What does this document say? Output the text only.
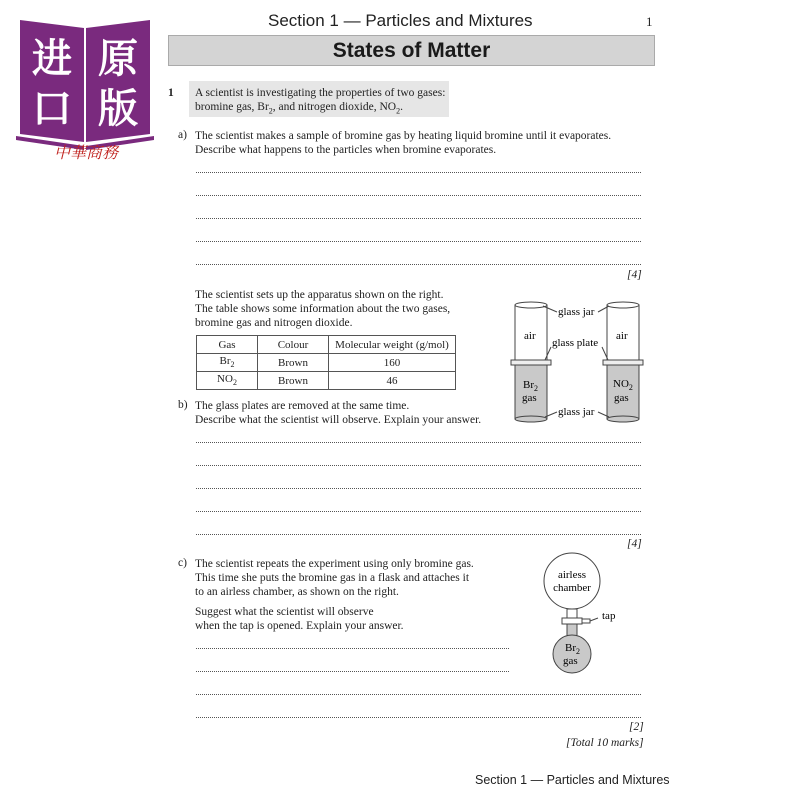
进 原
口 版
中華商務
Section 1 — Particles and Mixtures	1
States of Matter
1 A scientist is investigating the properties of two gases:
bromine gas, $Br_2$, and nitrogen dioxide, $NO_2$.
a) The scientist makes a sample of bromine gas by heating liquid bromine until it evaporates.
Describe what happens to the particles when bromine evaporates.
[4]
The scientist sets up the apparatus shown on the right.
The table shows some information about the two gases,
bromine gas and nitrogen dioxide.
Gas	Colour	Molecular weight (g/mol)
$Br_2$	Brown	160
$NO_2$	Brown	46
air	air
$Br_2$
gas
$NO_2$
gas
glass jar
glass plate
glass jar
b) The glass plates are removed at the same time.
Describe what the scientist will observe. Explain your answer.
[4]
c) The scientist repeats the experiment using only bromine gas.
This time she puts the bromine gas in a flask and attaches it
to an airless chamber, as shown on the right.
Suggest what the scientist will observe
when the tap is opened. Explain your answer.
[2]
[Total 10 marks]
airless
chamber
tap
$Br_2$
gas
Section 1 — Particles and Mixtures
